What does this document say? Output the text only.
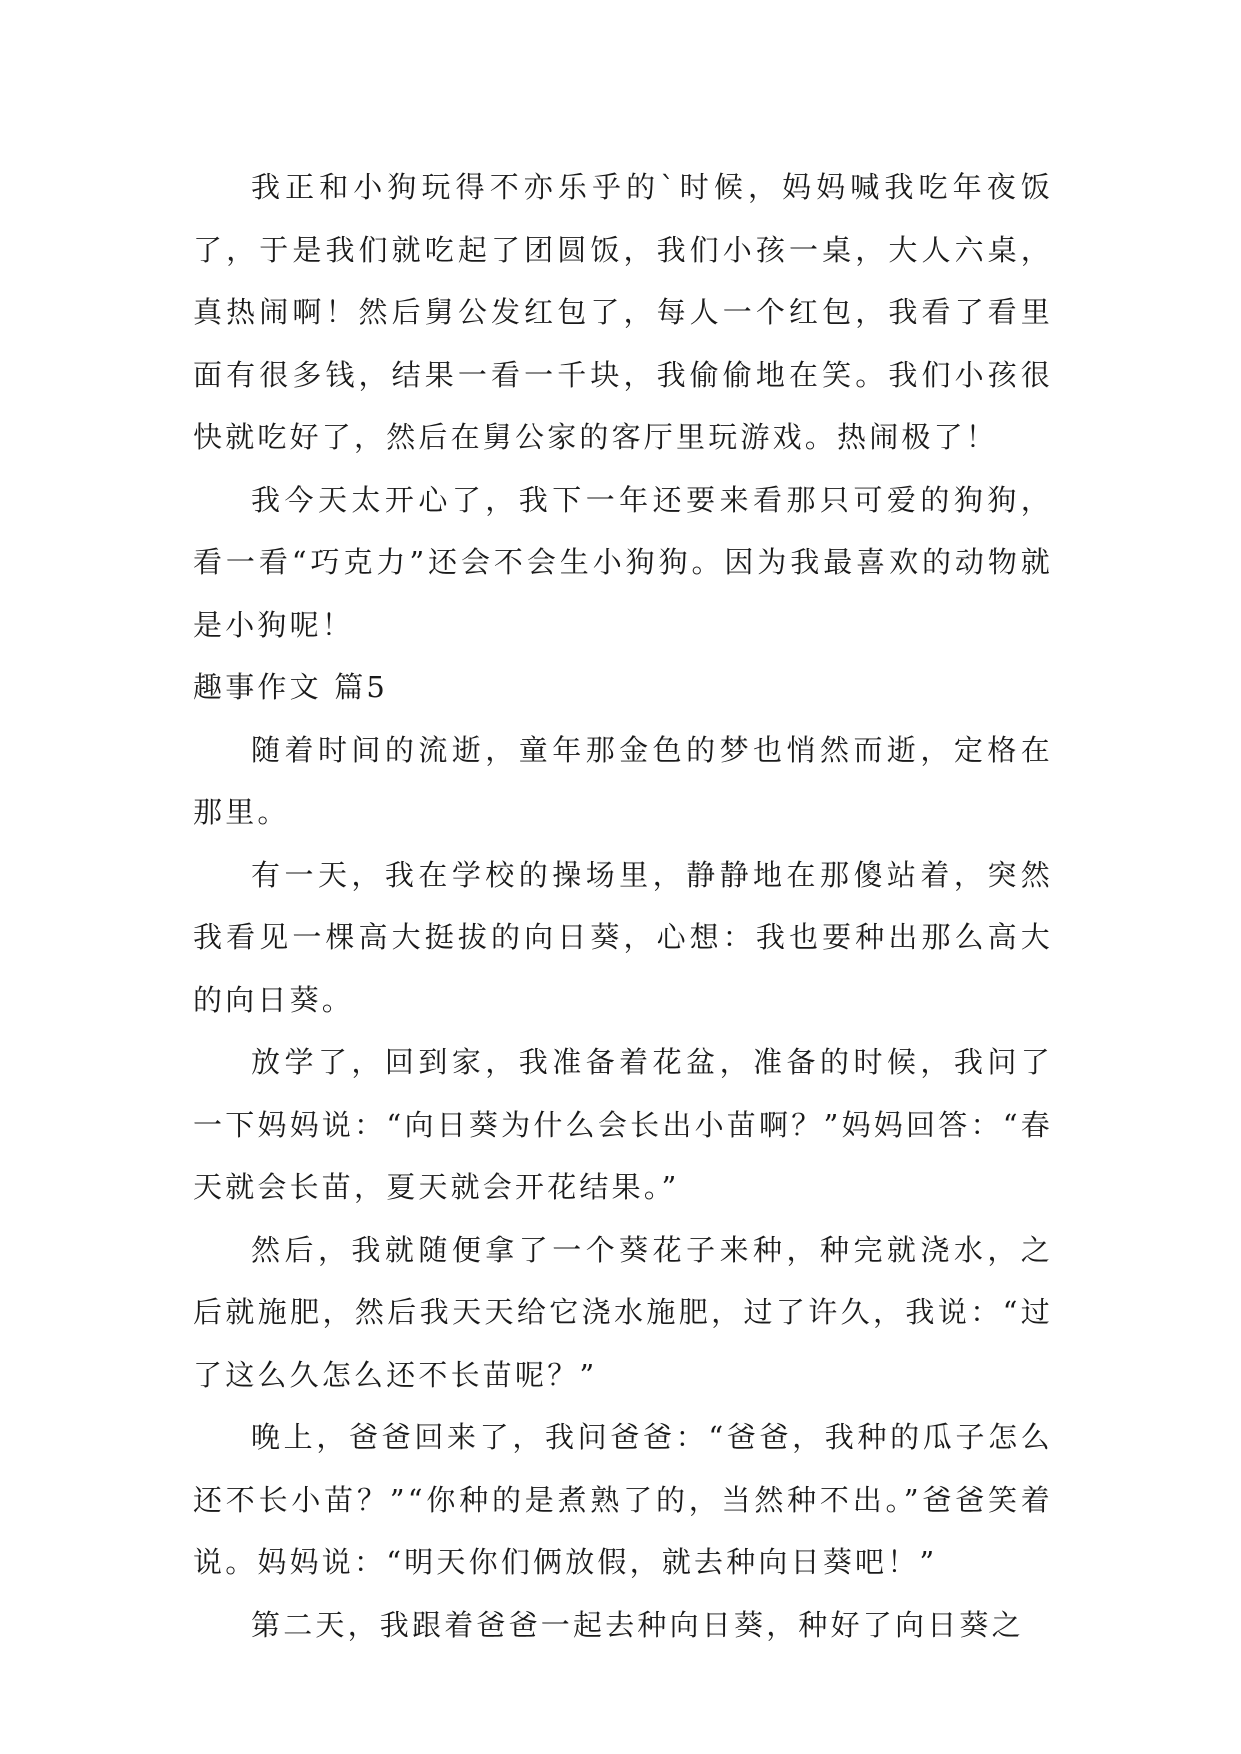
我正和小狗玩得不亦乐乎的`时候，妈妈喊我吃年夜饭了，于是我们就吃起了团圆饭，我们小孩一桌，大人六桌，真热闹啊！然后舅公发红包了，每人一个红包，我看了看里面有很多钱，结果一看一千块，我偷偷地在笑。我们小孩很快就吃好了，然后在舅公家的客厅里玩游戏。热闹极了！

我今天太开心了，我下一年还要来看那只可爱的狗狗，看一看“巧克力”还会不会生小狗狗。因为我最喜欢的动物就是小狗呢！

趣事作文 篇5

随着时间的流逝，童年那金色的梦也悄然而逝，定格在那里。

有一天，我在学校的操场里，静静地在那傻站着，突然我看见一棵高大挺拔的向日葵，心想：我也要种出那么高大的向日葵。

放学了，回到家，我准备着花盆，准备的时候，我问了一下妈妈说：“向日葵为什么会长出小苗啊？”妈妈回答：“春天就会长苗，夏天就会开花结果。”

然后，我就随便拿了一个葵花子来种，种完就浇水，之后就施肥，然后我天天给它浇水施肥，过了许久，我说：“过了这么久怎么还不长苗呢？”

晚上，爸爸回来了，我问爸爸：“爸爸，我种的瓜子怎么还不长小苗？”“你种的是煮熟了的，当然种不出。”爸爸笑着说。妈妈说：“明天你们俩放假，就去种向日葵吧！”

第二天，我跟着爸爸一起去种向日葵，种好了向日葵之
